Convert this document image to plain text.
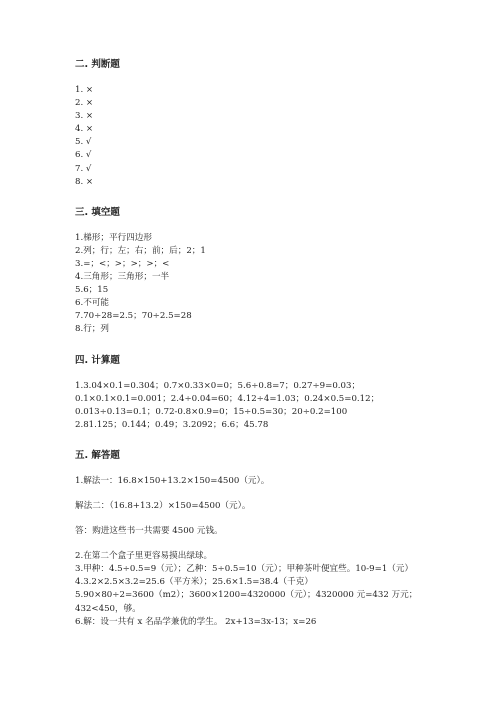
二. 判断题
1. ×
2. ×
3. ×
4. ×
5. √
6. √
7. √
8. ×
三. 填空题
1.梯形；平行四边形
2.列；行；左；右；前；后；2；1
3.=；<；>；>；>；<
4.三角形；三角形；一半
5.6；15
6.不可能
7.70÷28=2.5；70÷2.5=28
8.行；列
四. 计算题
1.3.04×0.1=0.304；0.7×0.33×0=0；5.6÷0.8=7；0.27÷9=0.03；
0.1×0.1×0.1=0.001；2.4÷0.04=60；4.12÷4=1.03；0.24×0.5=0.12；
0.013÷0.13=0.1；0.72-0.8×0.9=0；15÷0.5=30；20÷0.2=100
2.81.125；0.144；0.49；3.2092；6.6；45.78
五. 解答题
1.解法一：16.8×150+13.2×150=4500（元）。
解法二：（16.8+13.2）×150=4500（元）。
答：购进这些书一共需要 4500 元钱。
2.在第二个盒子里更容易摸出绿球。
3.甲种：4.5÷0.5=9（元）；乙种：5÷0.5=10（元）；甲种茶叶便宜些。10-9=1（元）
4.3.2×2.5×3.2=25.6（平方米）；25.6×1.5=38.4（千克）
5.90×80÷2=3600（m2）；3600×1200=4320000（元）；4320000 元=432 万元；432<450，够。
6.解：设一共有 x 名品学兼优的学生。 2x+13=3x-13；x=26
